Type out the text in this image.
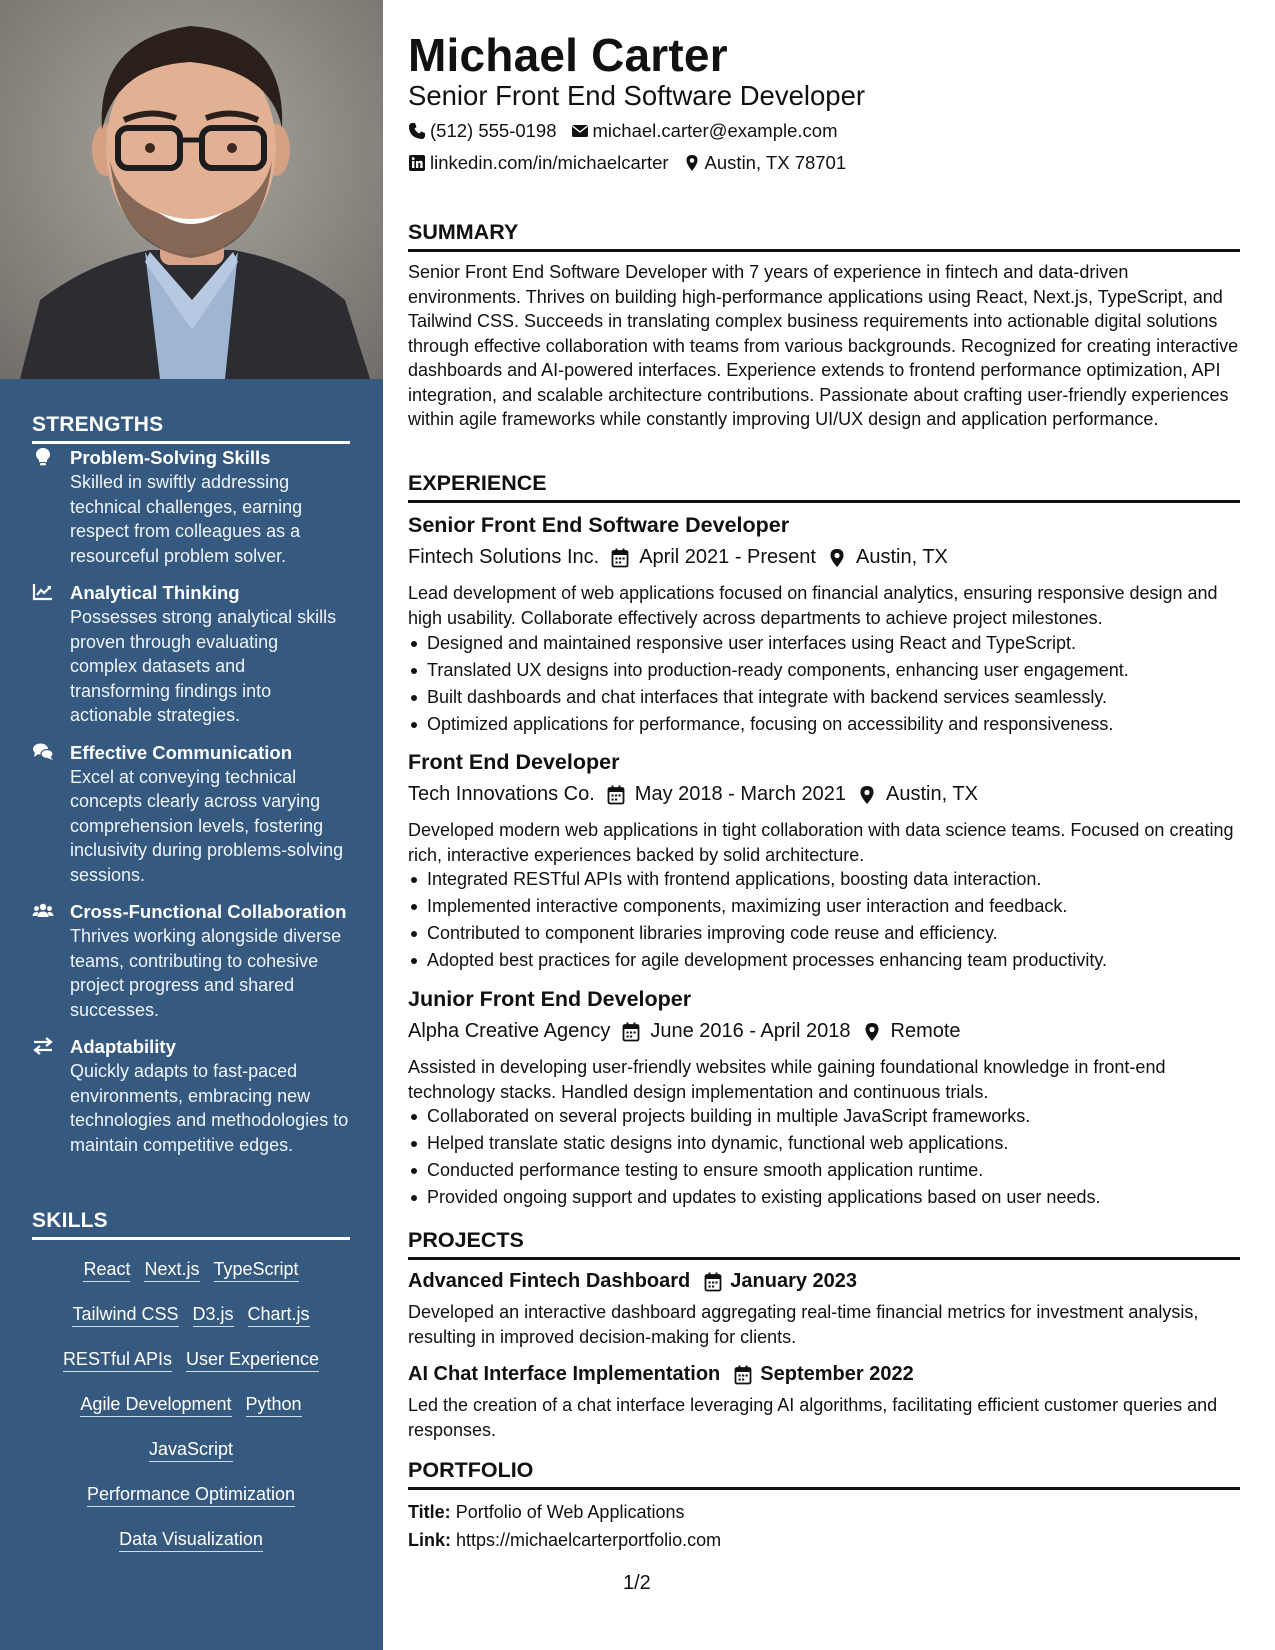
STRENGTHS
Problem-Solving Skills
Skilled in swiftly addressing technical challenges, earning respect from colleagues as a resourceful problem solver.
Analytical Thinking
Possesses strong analytical skills proven through evaluating complex datasets and transforming findings into actionable strategies.
Effective Communication
Excel at conveying technical concepts clearly across varying comprehension levels, fostering inclusivity during problems-solving sessions.
Cross-Functional Collaboration
Thrives working alongside diverse teams, contributing to cohesive project progress and shared successes.
Adaptability
Quickly adapts to fast-paced environments, embracing new technologies and methodologies to maintain competitive edges.
SKILLS
React Next.js TypeScript
Tailwind CSS D3.js Chart.js
RESTful APIs User Experience
Agile Development Python
JavaScript
Performance Optimization
Data Visualization
Michael Carter
Senior Front End Software Developer
(512) 555-0198 michael.carter@example.com
linkedin.com/in/michaelcarter Austin, TX 78701
SUMMARY
Senior Front End Software Developer with 7 years of experience in fintech and data-driven environments. Thrives on building high-performance applications using React, Next.js, TypeScript, and Tailwind CSS. Succeeds in translating complex business requirements into actionable digital solutions through effective collaboration with teams from various backgrounds. Recognized for creating interactive dashboards and AI-powered interfaces. Experience extends to frontend performance optimization, API integration, and scalable architecture contributions. Passionate about crafting user-friendly experiences within agile frameworks while constantly improving UI/UX design and application performance.
EXPERIENCE
Senior Front End Software Developer
Fintech Solutions Inc. April 2021 - Present Austin, TX
Lead development of web applications focused on financial analytics, ensuring responsive design and high usability. Collaborate effectively across departments to achieve project milestones.
Designed and maintained responsive user interfaces using React and TypeScript.
Translated UX designs into production-ready components, enhancing user engagement.
Built dashboards and chat interfaces that integrate with backend services seamlessly.
Optimized applications for performance, focusing on accessibility and responsiveness.
Front End Developer
Tech Innovations Co. May 2018 - March 2021 Austin, TX
Developed modern web applications in tight collaboration with data science teams. Focused on creating rich, interactive experiences backed by solid architecture.
Integrated RESTful APIs with frontend applications, boosting data interaction.
Implemented interactive components, maximizing user interaction and feedback.
Contributed to component libraries improving code reuse and efficiency.
Adopted best practices for agile development processes enhancing team productivity.
Junior Front End Developer
Alpha Creative Agency June 2016 - April 2018 Remote
Assisted in developing user-friendly websites while gaining foundational knowledge in front-end technology stacks. Handled design implementation and continuous trials.
Collaborated on several projects building in multiple JavaScript frameworks.
Helped translate static designs into dynamic, functional web applications.
Conducted performance testing to ensure smooth application runtime.
Provided ongoing support and updates to existing applications based on user needs.
PROJECTS
Advanced Fintech Dashboard January 2023
Developed an interactive dashboard aggregating real-time financial metrics for investment analysis, resulting in improved decision-making for clients.
AI Chat Interface Implementation September 2022
Led the creation of a chat interface leveraging AI algorithms, facilitating efficient customer queries and responses.
PORTFOLIO
Title: Portfolio of Web Applications
Link: https://michaelcarterportfolio.com
1/2
